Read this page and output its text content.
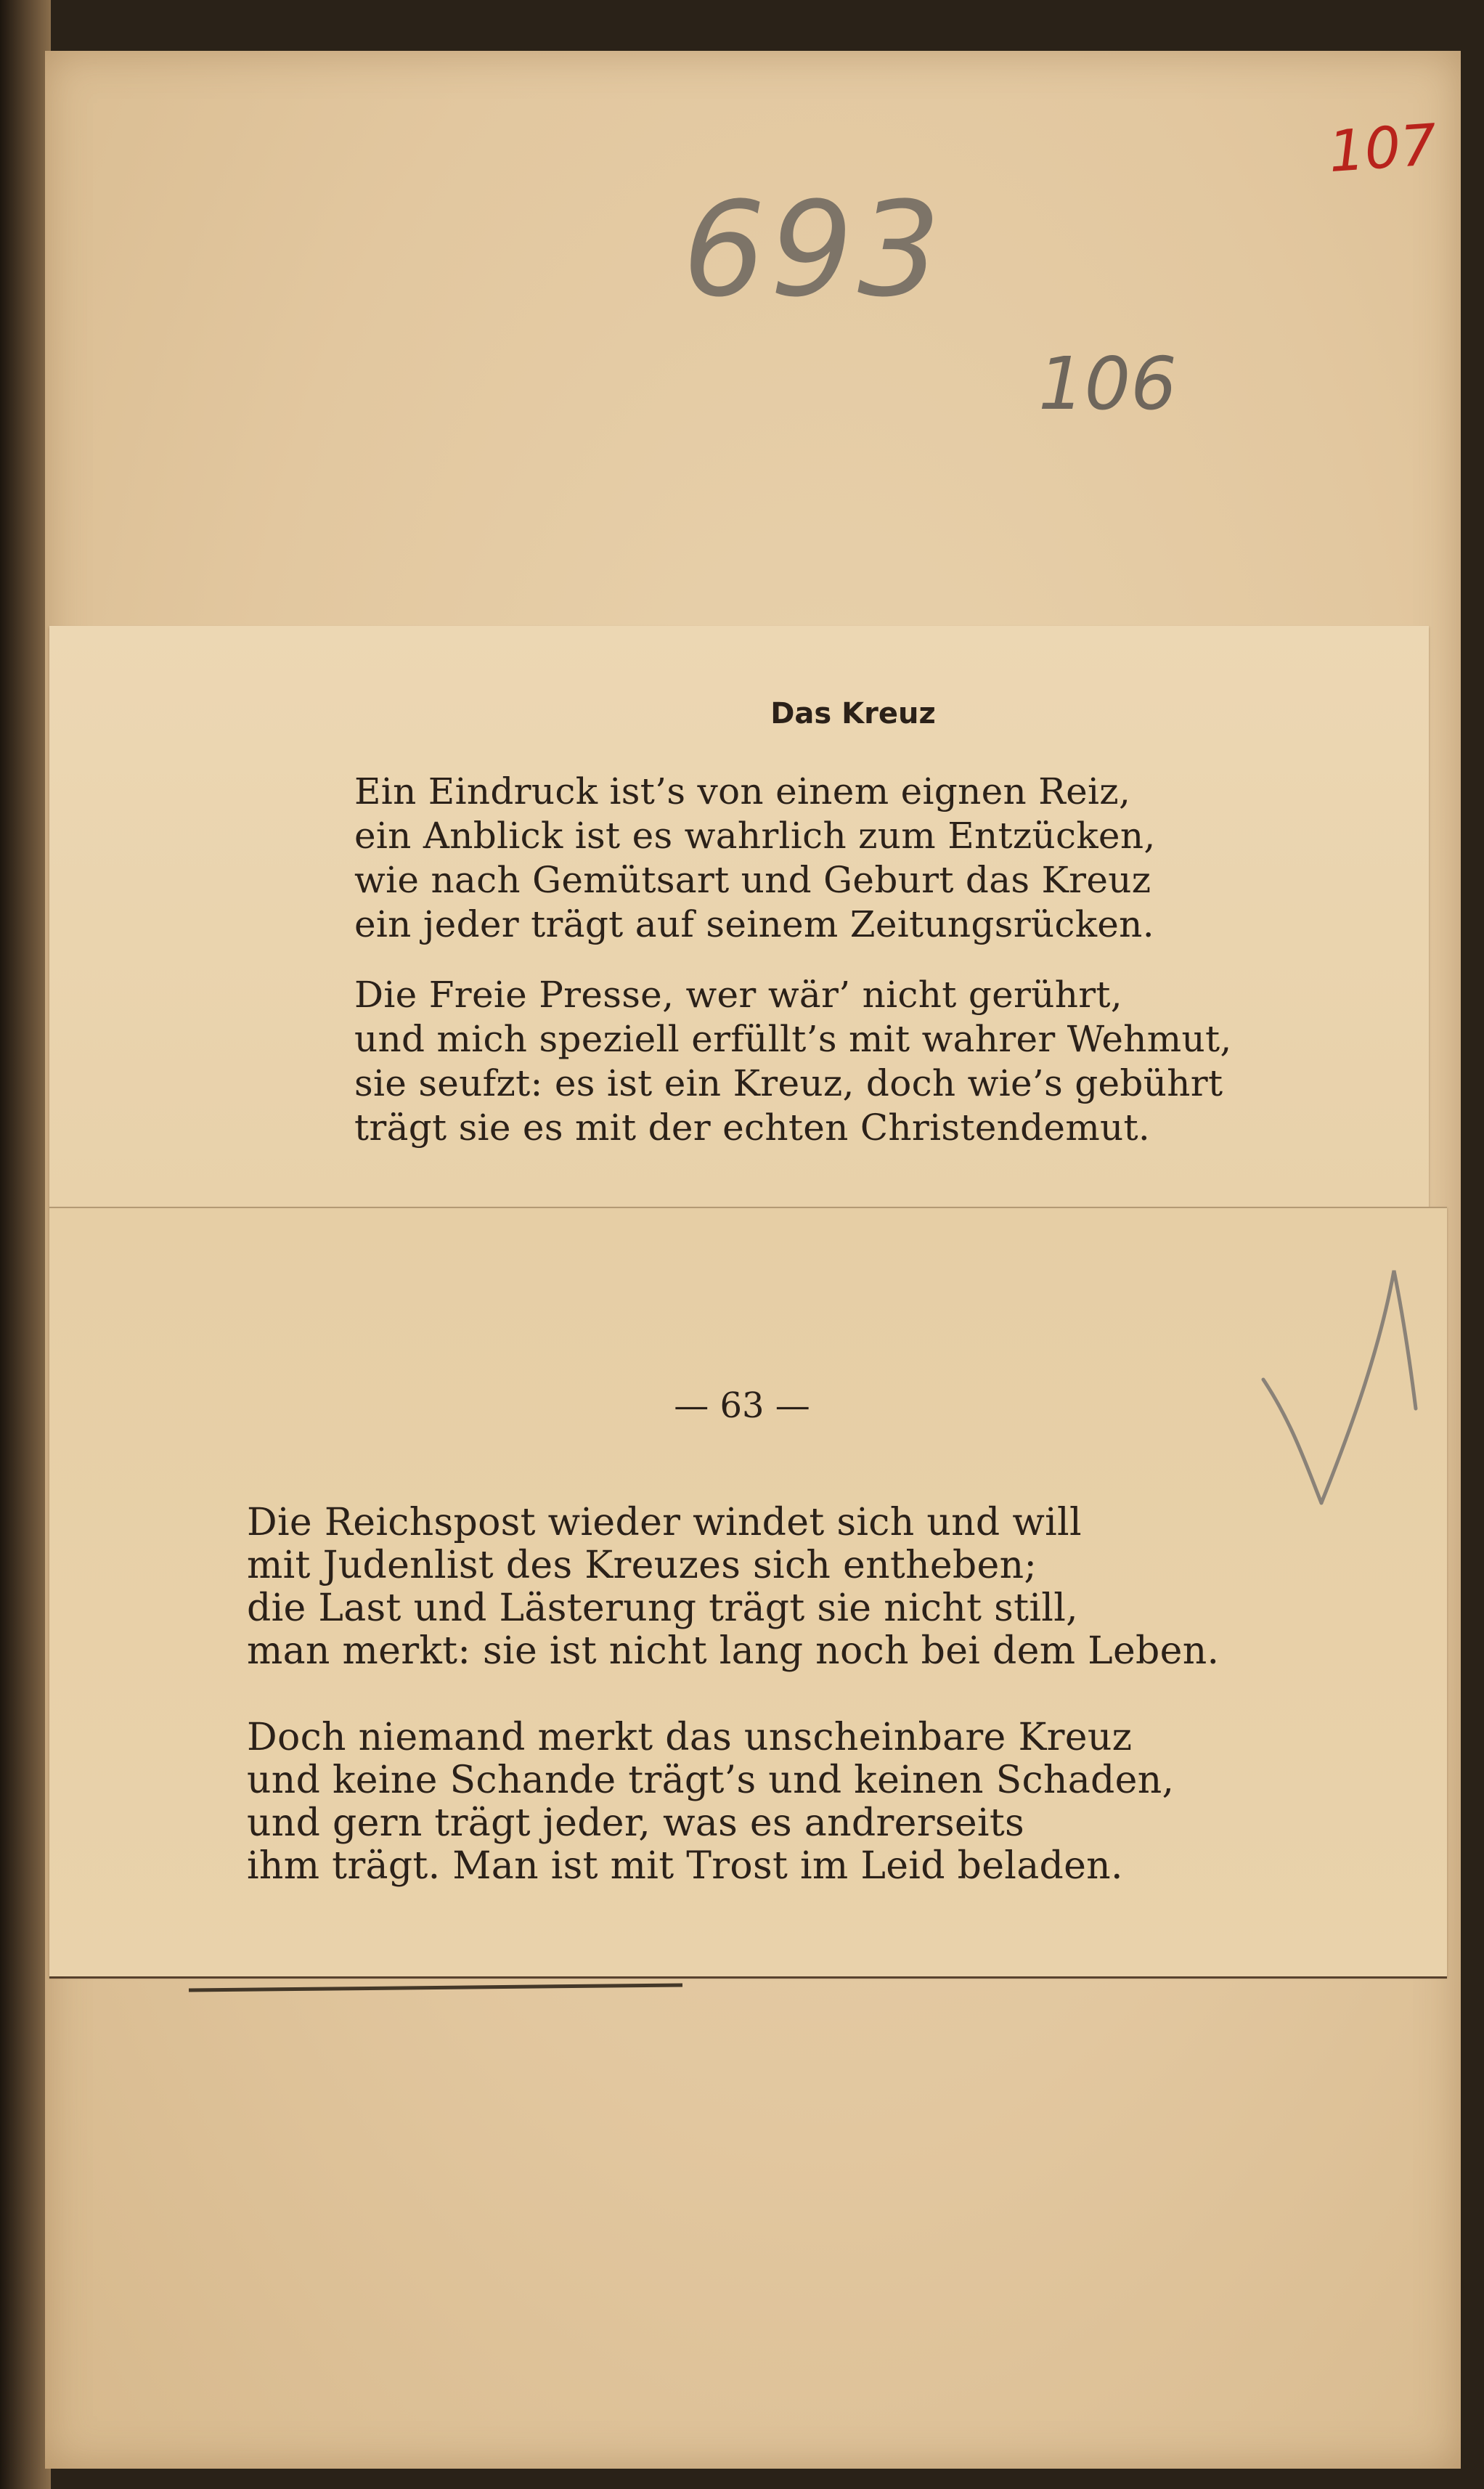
107
693
106
Das Kreuz
Ein Eindruck ist’s von einem eignen Reiz,
ein Anblick ist es wahrlich zum Entzücken,
wie nach Gemütsart und Geburt das Kreuz
ein jeder trägt auf seinem Zeitungsrücken.
Die Freie Presse, wer wär’ nicht gerührt,
und mich speziell erfüllt’s mit wahrer Wehmut,
sie seufzt: es ist ein Kreuz, doch wie’s gebührt
trägt sie es mit der echten Christendemut.
— 63 —
Die Reichspost wieder windet sich und will
mit Judenlist des Kreuzes sich entheben;
die Last und Lästerung trägt sie nicht still,
man merkt: sie ist nicht lang noch bei dem Leben.
Doch niemand merkt das unscheinbare Kreuz
und keine Schande trägt’s und keinen Schaden,
und gern trägt jeder, was es andrerseits
ihm trägt. Man ist mit Trost im Leid beladen.
